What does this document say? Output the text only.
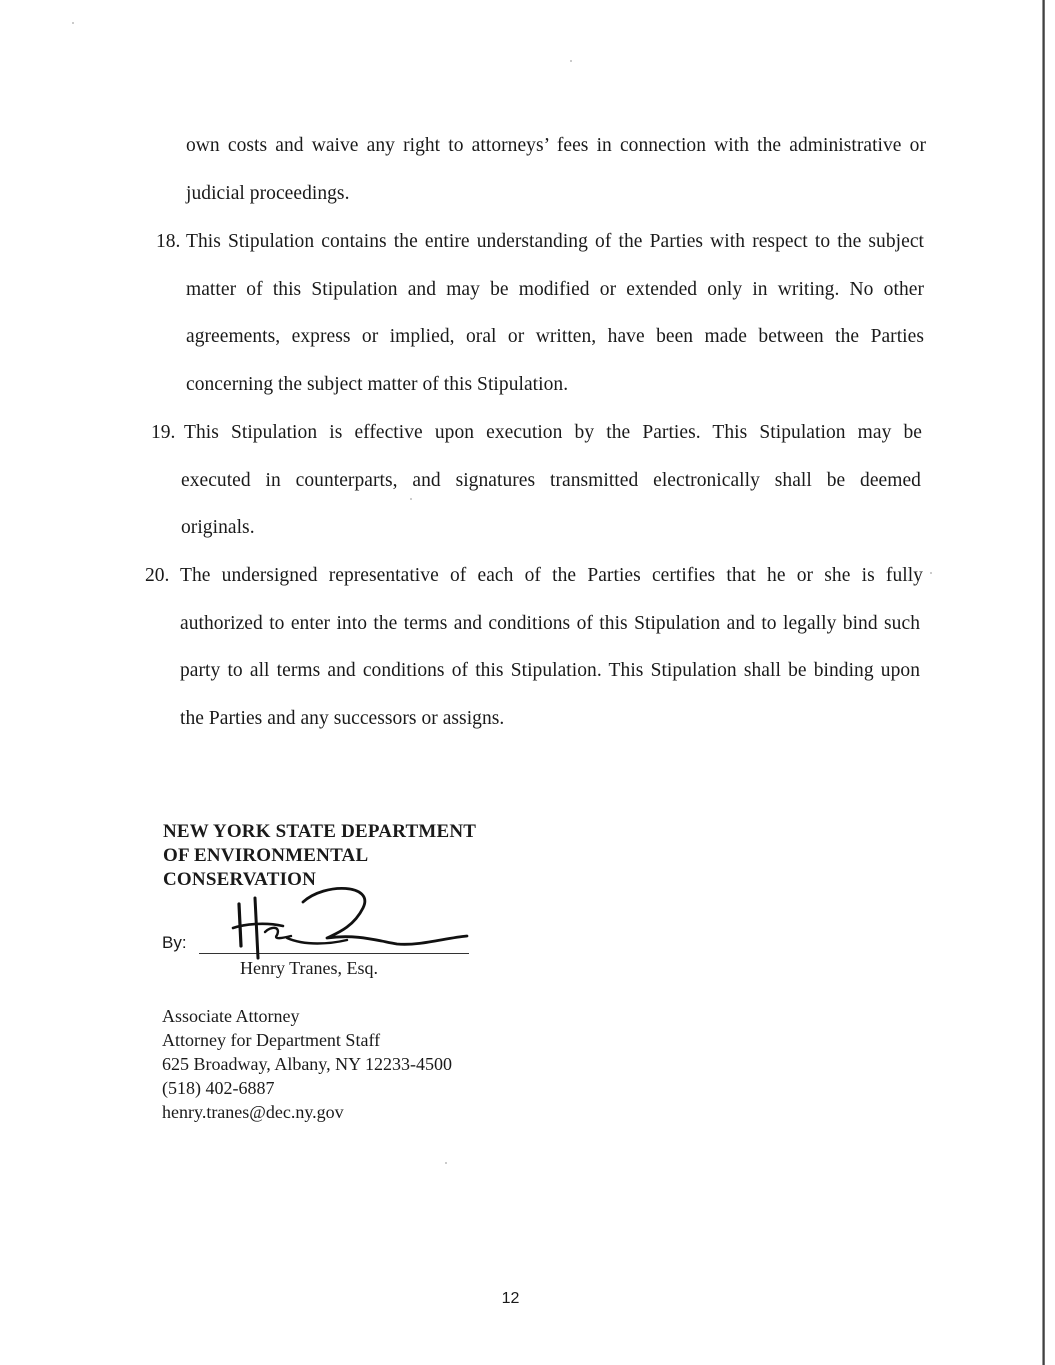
own costs and waive any right to attorneys’ fees in connection with the administrative or
judicial proceedings.
18. This Stipulation contains the entire understanding of the Parties with respect to the subject
matter of this Stipulation and may be modified or extended only in writing. No other
agreements, express or implied, oral or written, have been made between the Parties
concerning the subject matter of this Stipulation.
19. This Stipulation is effective upon execution by the Parties. This Stipulation may be
executed in counterparts, and signatures transmitted electronically shall be deemed
originals.
20. The undersigned representative of each of the Parties certifies that he or she is fully
authorized to enter into the terms and conditions of this Stipulation and to legally bind such
party to all terms and conditions of this Stipulation. This Stipulation shall be binding upon
the Parties and any successors or assigns.
NEW YORK STATE DEPARTMENT
OF ENVIRONMENTAL
CONSERVATION
By:
Henry Tranes, Esq.
Associate Attorney
Attorney for Department Staff
625 Broadway, Albany, NY 12233-4500
(518) 402-6887
henry.tranes@dec.ny.gov
12
